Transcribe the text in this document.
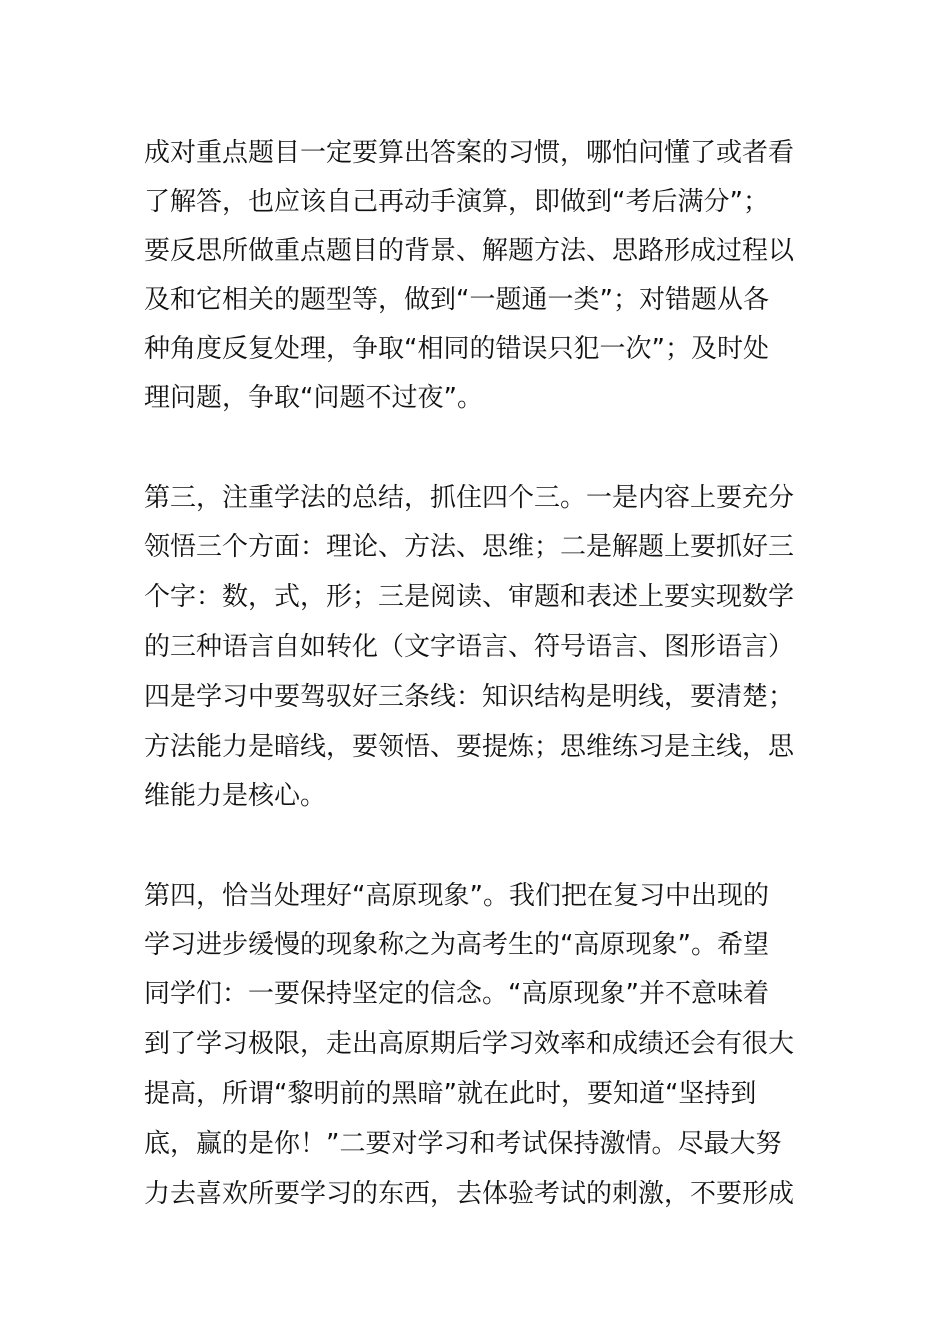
成对重点题目一定要算出答案的习惯，哪怕问懂了或者看
了解答，也应该自己再动手演算，即做到“考后满分”；
要反思所做重点题目的背景、解题方法、思路形成过程以
及和它相关的题型等，做到“一题通一类”；对错题从各
种角度反复处理，争取“相同的错误只犯一次”；及时处
理问题，争取“问题不过夜”。
第三，注重学法的总结，抓住四个三。一是内容上要充分
领悟三个方面：理论、方法、思维；二是解题上要抓好三
个字：数，式，形；三是阅读、审题和表述上要实现数学
的三种语言自如转化（文字语言、符号语言、图形语言）
四是学习中要驾驭好三条线：知识结构是明线，要清楚；
方法能力是暗线，要领悟、要提炼；思维练习是主线，思
维能力是核心。
第四，恰当处理好“高原现象”。我们把在复习中出现的
学习进步缓慢的现象称之为高考生的“高原现象”。希望
同学们：一要保持坚定的信念。“高原现象”并不意味着
到了学习极限，走出高原期后学习效率和成绩还会有很大
提高，所谓“黎明前的黑暗”就在此时，要知道“坚持到
底，赢的是你！”二要对学习和考试保持激情。尽最大努
力去喜欢所要学习的东西，去体验考试的刺激，不要形成
